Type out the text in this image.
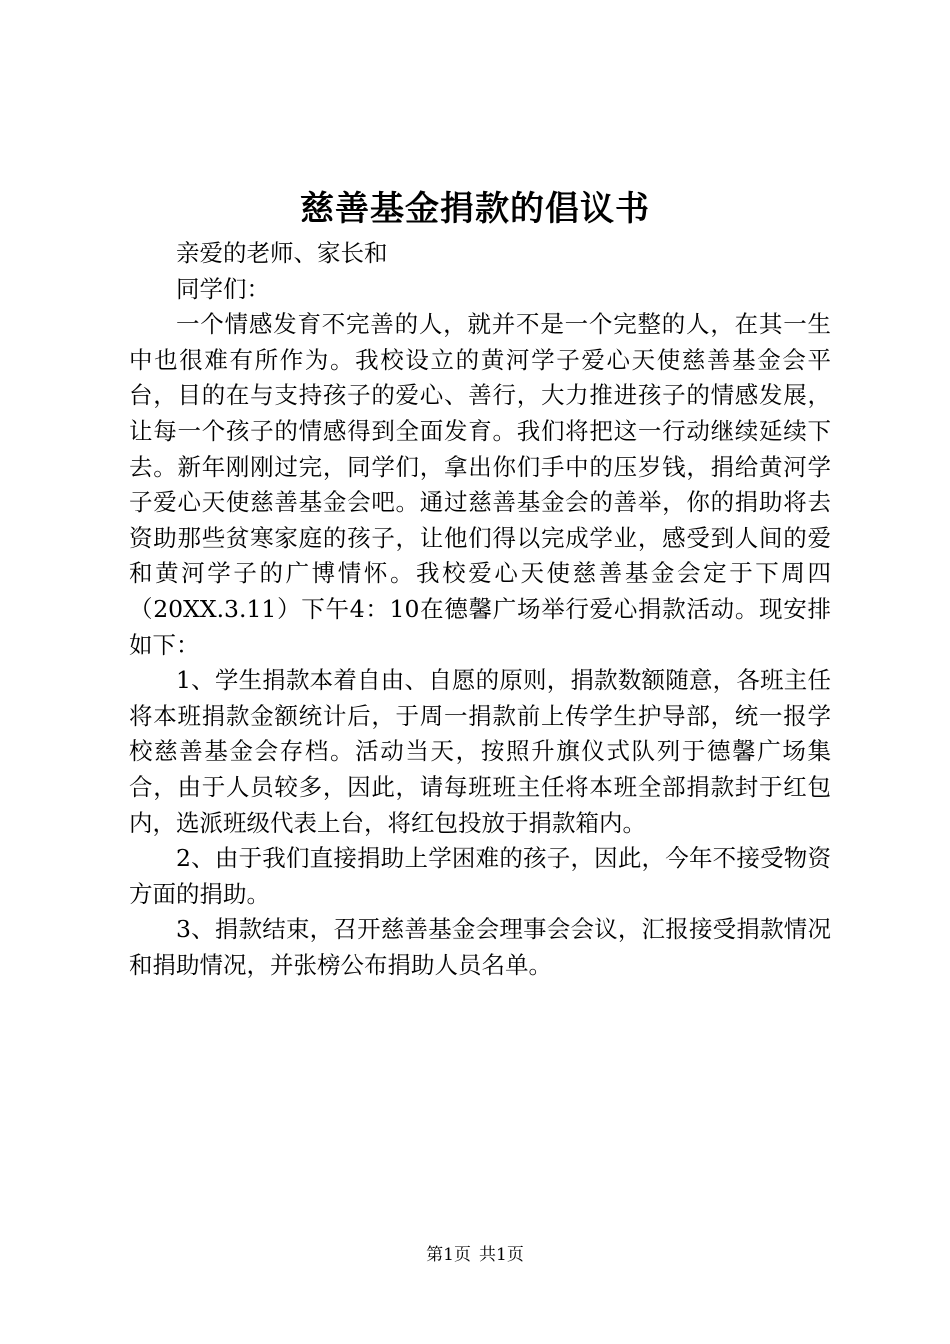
慈善基金捐款的倡议书

亲爱的老师、家长和

同学们：

一个情感发育不完善的人，就并不是一个完整的人，在其一生中也很难有所作为。我校设立的黄河学子爱心天使慈善基金会平台，目的在与支持孩子的爱心、善行，大力推进孩子的情感发展，让每一个孩子的情感得到全面发育。我们将把这一行动继续延续下去。新年刚刚过完，同学们，拿出你们手中的压岁钱，捐给黄河学子爱心天使慈善基金会吧。通过慈善基金会的善举，你的捐助将去资助那些贫寒家庭的孩子，让他们得以完成学业，感受到人间的爱和黄河学子的广博情怀。我校爱心天使慈善基金会定于下周四（20XX.3.11）下午4：10在德馨广场举行爱心捐款活动。现安排如下：

1、学生捐款本着自由、自愿的原则，捐款数额随意，各班主任将本班捐款金额统计后，于周一捐款前上传学生护导部，统一报学校慈善基金会存档。活动当天，按照升旗仪式队列于德馨广场集合，由于人员较多，因此，请每班班主任将本班全部捐款封于红包内，选派班级代表上台，将红包投放于捐款箱内。

2、由于我们直接捐助上学困难的孩子，因此，今年不接受物资方面的捐助。

3、捐款结束，召开慈善基金会理事会会议，汇报接受捐款情况和捐助情况，并张榜公布捐助人员名单。

第1页 共1页
